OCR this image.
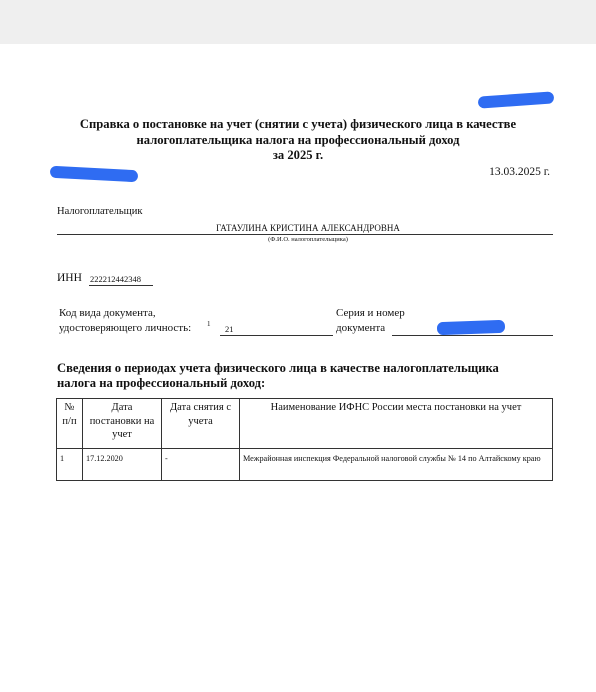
Справка о постановке на учет (снятии с учета) физического лица в качестве
налогоплательщика налога на профессиональный доход
за 2025 г.
13.03.2025 г.
Налогоплательщик
ГАТАУЛИНА КРИСТИНА АЛЕКСАНДРОВНА
(Ф.И.О. налогоплательщика)
ИНН 222212442348
Код вида документа,
удостоверяющего личность: 1 21
Серия и номер
документа
Сведения о периодах учета физического лица в качестве налогоплательщика
налога на профессиональный доход:
№ п/п	Дата постановки на учет	Дата снятия с учета	Наименование ИФНС России места постановки на учет
1	17.12.2020	-	Межрайонная инспекция Федеральной налоговой службы № 14 по Алтайскому краю
